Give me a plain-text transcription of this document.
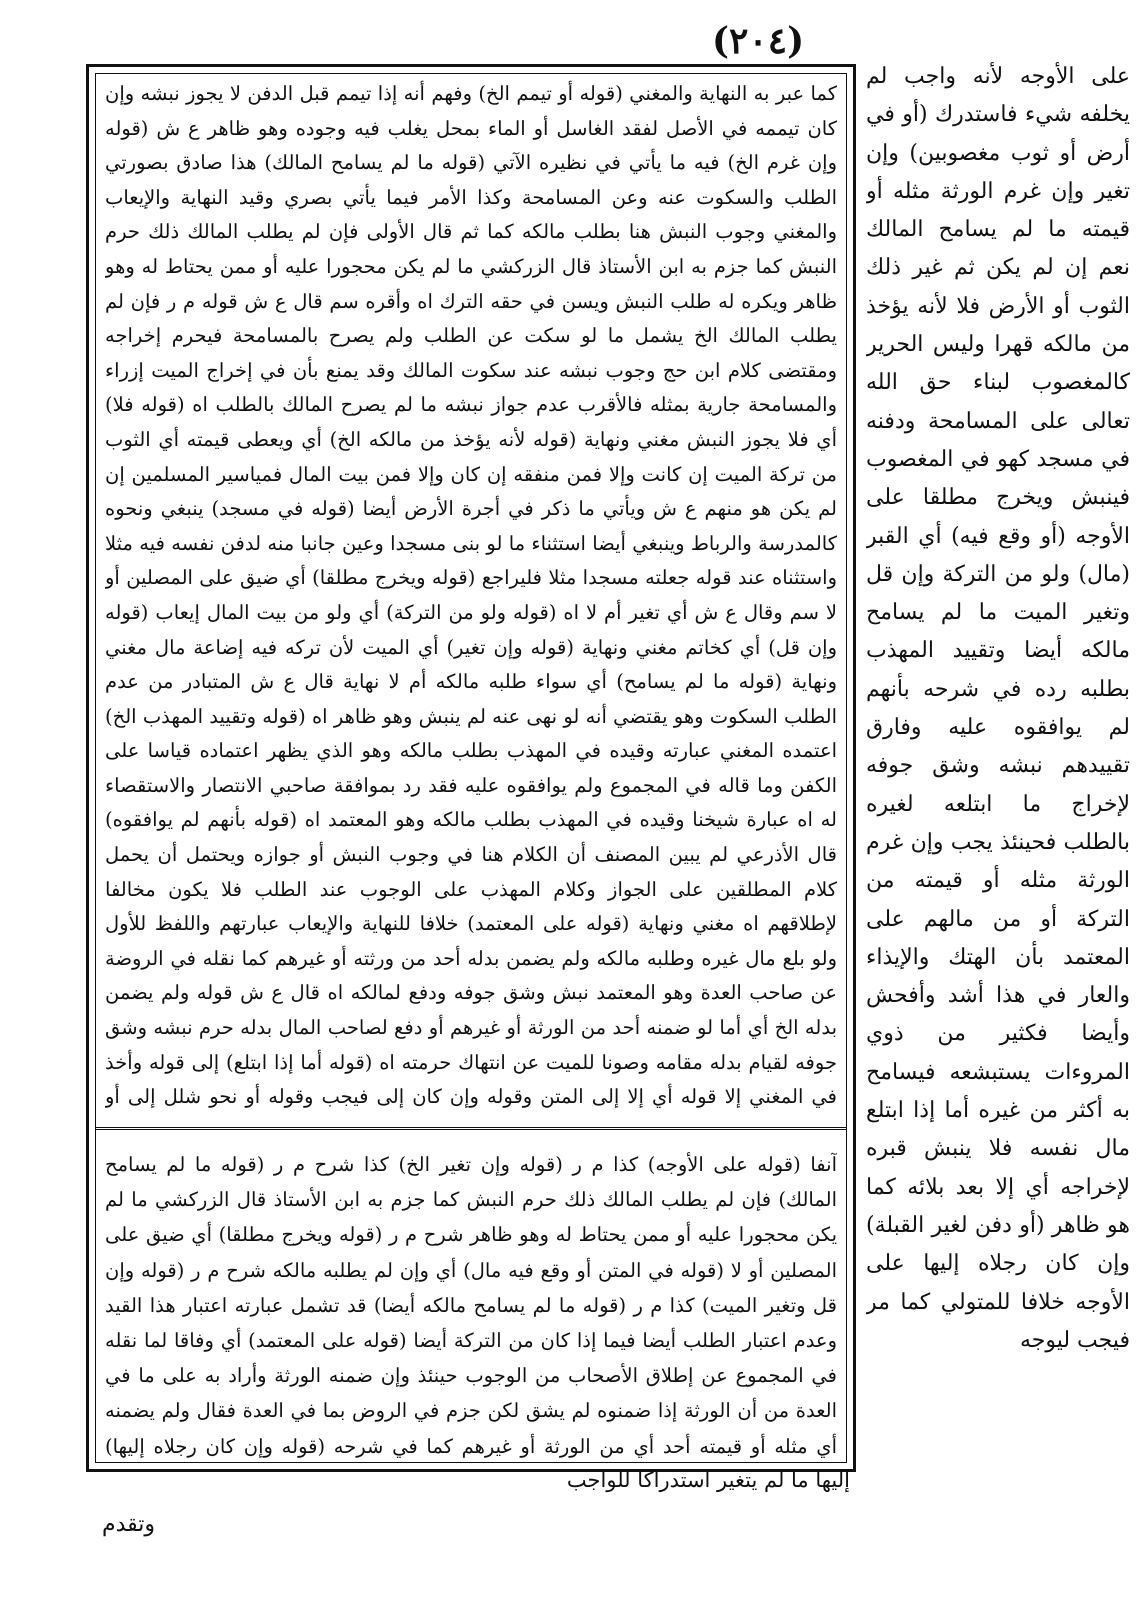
(٢٠٤)

على الأوجه لأنه واجب لم يخلفه شيء فاستدرك (أو في أرض أو ثوب مغصوبين) وإن تغير وإن غرم الورثة مثله أو قيمته ما لم يسامح المالك نعم إن لم يكن ثم غير ذلك الثوب أو الأرض فلا لأنه يؤخذ من مالكه قهرا وليس الحرير كالمغصوب لبناء حق الله تعالى على المسامحة ودفنه في مسجد كهو في المغصوب فينبش ويخرج مطلقا على الأوجه (أو وقع فيه) أي القبر (مال) ولو من التركة وإن قل وتغير الميت ما لم يسامح مالكه أيضا وتقييد المهذب بطلبه رده في شرحه بأنهم لم يوافقوه عليه وفارق تقييدهم نبشه وشق جوفه لإخراج ما ابتلعه لغيره بالطلب فحينئذ يجب وإن غرم الورثة مثله أو قيمته من التركة أو من مالهم على المعتمد بأن الهتك والإيذاء والعار في هذا أشد وأفحش وأيضا فكثير من ذوي المروءات يستبشعه فيسامح به أكثر من غيره أما إذا ابتلع مال نفسه فلا ينبش قبره لإخراجه أي إلا بعد بلائه كما هو ظاهر (أو دفن لغير القبلة) وإن كان رجلاه إليها على الأوجه خلافا للمتولي كما مر فيجب ليوجه

كما عبر به النهاية والمغني (قوله أو تيمم الخ) وفهم أنه إذا تيمم قبل الدفن لا يجوز نبشه وإن كان تيممه في الأصل لفقد الغاسل أو الماء بمحل يغلب فيه وجوده وهو ظاهر ع ش (قوله وإن غرم الخ) فيه ما يأتي في نظيره الآتي (قوله ما لم يسامح المالك) هذا صادق بصورتي الطلب والسكوت عنه وعن المسامحة وكذا الأمر فيما يأتي بصري وقيد النهاية والإيعاب والمغني وجوب النبش هنا بطلب مالكه كما ثم قال الأولى فإن لم يطلب المالك ذلك حرم النبش كما جزم به ابن الأستاذ قال الزركشي ما لم يكن محجورا عليه أو ممن يحتاط له وهو ظاهر ويكره له طلب النبش ويسن في حقه الترك اه وأقره سم قال ع ش قوله م ر فإن لم يطلب المالك الخ يشمل ما لو سكت عن الطلب ولم يصرح بالمسامحة فيحرم إخراجه ومقتضى كلام ابن حج وجوب نبشه عند سكوت المالك وقد يمنع بأن في إخراج الميت إزراء والمسامحة جارية بمثله فالأقرب عدم جواز نبشه ما لم يصرح المالك بالطلب اه (قوله فلا) أي فلا يجوز النبش مغني ونهاية (قوله لأنه يؤخذ من مالكه الخ) أي ويعطى قيمته أي الثوب من تركة الميت إن كانت وإلا فمن منفقه إن كان وإلا فمن بيت المال فمياسير المسلمين إن لم يكن هو منهم ع ش ويأتي ما ذكر في أجرة الأرض أيضا (قوله في مسجد) ينبغي ونحوه كالمدرسة والرباط وينبغي أيضا استثناء ما لو بنى مسجدا وعين جانبا منه لدفن نفسه فيه مثلا واستثناه عند قوله جعلته مسجدا مثلا فليراجع (قوله ويخرج مطلقا) أي ضيق على المصلين أو لا سم وقال ع ش أي تغير أم لا اه (قوله ولو من التركة) أي ولو من بيت المال إيعاب (قوله وإن قل) أي كخاتم مغني ونهاية (قوله وإن تغير) أي الميت لأن تركه فيه إضاعة مال مغني ونهاية (قوله ما لم يسامح) أي سواء طلبه مالكه أم لا نهاية قال ع ش المتبادر من عدم الطلب السكوت وهو يقتضي أنه لو نهى عنه لم ينبش وهو ظاهر اه (قوله وتقييد المهذب الخ) اعتمده المغني عبارته وقيده في المهذب بطلب مالكه وهو الذي يظهر اعتماده قياسا على الكفن وما قاله في المجموع ولم يوافقوه عليه فقد رد بموافقة صاحبي الانتصار والاستقصاء له اه عبارة شيخنا وقيده في المهذب بطلب مالكه وهو المعتمد اه (قوله بأنهم لم يوافقوه) قال الأذرعي لم يبين المصنف أن الكلام هنا في وجوب النبش أو جوازه ويحتمل أن يحمل كلام المطلقين على الجواز وكلام المهذب على الوجوب عند الطلب فلا يكون مخالفا لإطلاقهم اه مغني ونهاية (قوله على المعتمد) خلافا للنهاية والإيعاب عبارتهم واللفظ للأول ولو بلع مال غيره وطلبه مالكه ولم يضمن بدله أحد من ورثته أو غيرهم كما نقله في الروضة عن صاحب العدة وهو المعتمد نبش وشق جوفه ودفع لمالكه اه قال ع ش قوله ولم يضمن بدله الخ أي أما لو ضمنه أحد من الورثة أو غيرهم أو دفع لصاحب المال بدله حرم نبشه وشق جوفه لقيام بدله مقامه وصونا للميت عن انتهاك حرمته اه (قوله أما إذا ابتلع) إلى قوله وأخذ في المغني إلا قوله أي إلا إلى المتن وقوله وإن كان إلى فيجب وقوله أو نحو شلل إلى أو

آنفا (قوله على الأوجه) كذا م ر (قوله وإن تغير الخ) كذا شرح م ر (قوله ما لم يسامح المالك) فإن لم يطلب المالك ذلك حرم النبش كما جزم به ابن الأستاذ قال الزركشي ما لم يكن محجورا عليه أو ممن يحتاط له وهو ظاهر شرح م ر (قوله ويخرج مطلقا) أي ضيق على المصلين أو لا (قوله في المتن أو وقع فيه مال) أي وإن لم يطلبه مالكه شرح م ر (قوله وإن قل وتغير الميت) كذا م ر (قوله ما لم يسامح مالكه أيضا) قد تشمل عبارته اعتبار هذا القيد وعدم اعتبار الطلب أيضا فيما إذا كان من التركة أيضا (قوله على المعتمد) أي وفاقا لما نقله في المجموع عن إطلاق الأصحاب من الوجوب حينئذ وإن ضمنه الورثة وأراد به على ما في العدة من أن الورثة إذا ضمنوه لم يشق لكن جزم في الروض بما في العدة فقال ولم يضمنه أي مثله أو قيمته أحد أي من الورثة أو غيرهم كما في شرحه (قوله وإن كان رجلاه إليها)

إليها ما لم يتغير استدراكا للواجب
وتقدم
